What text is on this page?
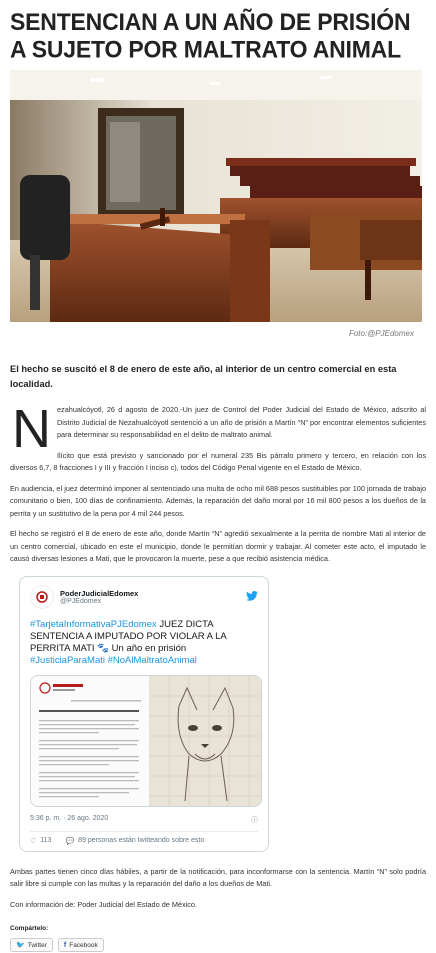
SENTENCIAN A UN AÑO DE PRISIÓN A SUJETO POR MALTRATO ANIMAL
Foto:@PJEdomex
El hecho se suscitó el 8 de enero de este año, al interior de un centro comercial en esta localidad.
N ezahualcóyotl, 26 d agosto de 2020.-Un juez de Control del Poder Judicial del Estado de México, adscrito al Distrito Judicial de Nezahualcóyotl sentenció a un año de prisión a Martín “N” por encontrar elementos suficientes para determinar su responsabilidad en el delito de maltrato animal.

Ilícito que está previsto y sancionado por el numeral 235 Bis párrafo primero y tercero, en relación con los diversos 6,7, 8 fracciones I y III y fracción I inciso c), todos del Código Penal vigente en el Estado de México.

En audiencia, el juez determinó imponer al sentenciado una multa de ocho mil 688 pesos sustituibles por 100 jornada de trabajo comunitario o bien, 100 días de confinamiento. Además, la reparación del daño moral por 16 mil 800 pesos a los dueños de la perrita y un sustitutivo de la pena por 4 mil 244 pesos.

El hecho se registró el 8 de enero de este año, donde Martín “N” agredió sexualmente a la perrita de nombre Mati al interior de un centro comercial, ubicado en este el municipio, donde le permitían dormir y trabajar. Al cometer este acto, el imputado le causó diversas lesiones a Mati, que le provocaron la muerte, pese a que recibió asistencia médica.

PoderJudicialEdomex
@PJEdomex
#TarjetaInformativaPJEdomex JUEZ DICTA SENTENCIA A IMPUTADO POR VIOLAR A LA PERRITA MATI 🐾 Un año en prisión
#JusticiaParaMati #NoAlMaltratoAnimal
5:36 p. m. · 26 ago. 2020	ⓘ
♡ 113 💬 89 personas están twitteando sobre esto

Ambas partes tienen cinco días hábiles, a partir de la notificación, para inconformarse con la sentencia. Martín “N” solo podría salir libre si cumple con las multas y la reparación del daño a los dueños de Mati.

Con información de: Poder Judicial del Estado de México.

Compártelo:
🐦 Twitter f Facebook
